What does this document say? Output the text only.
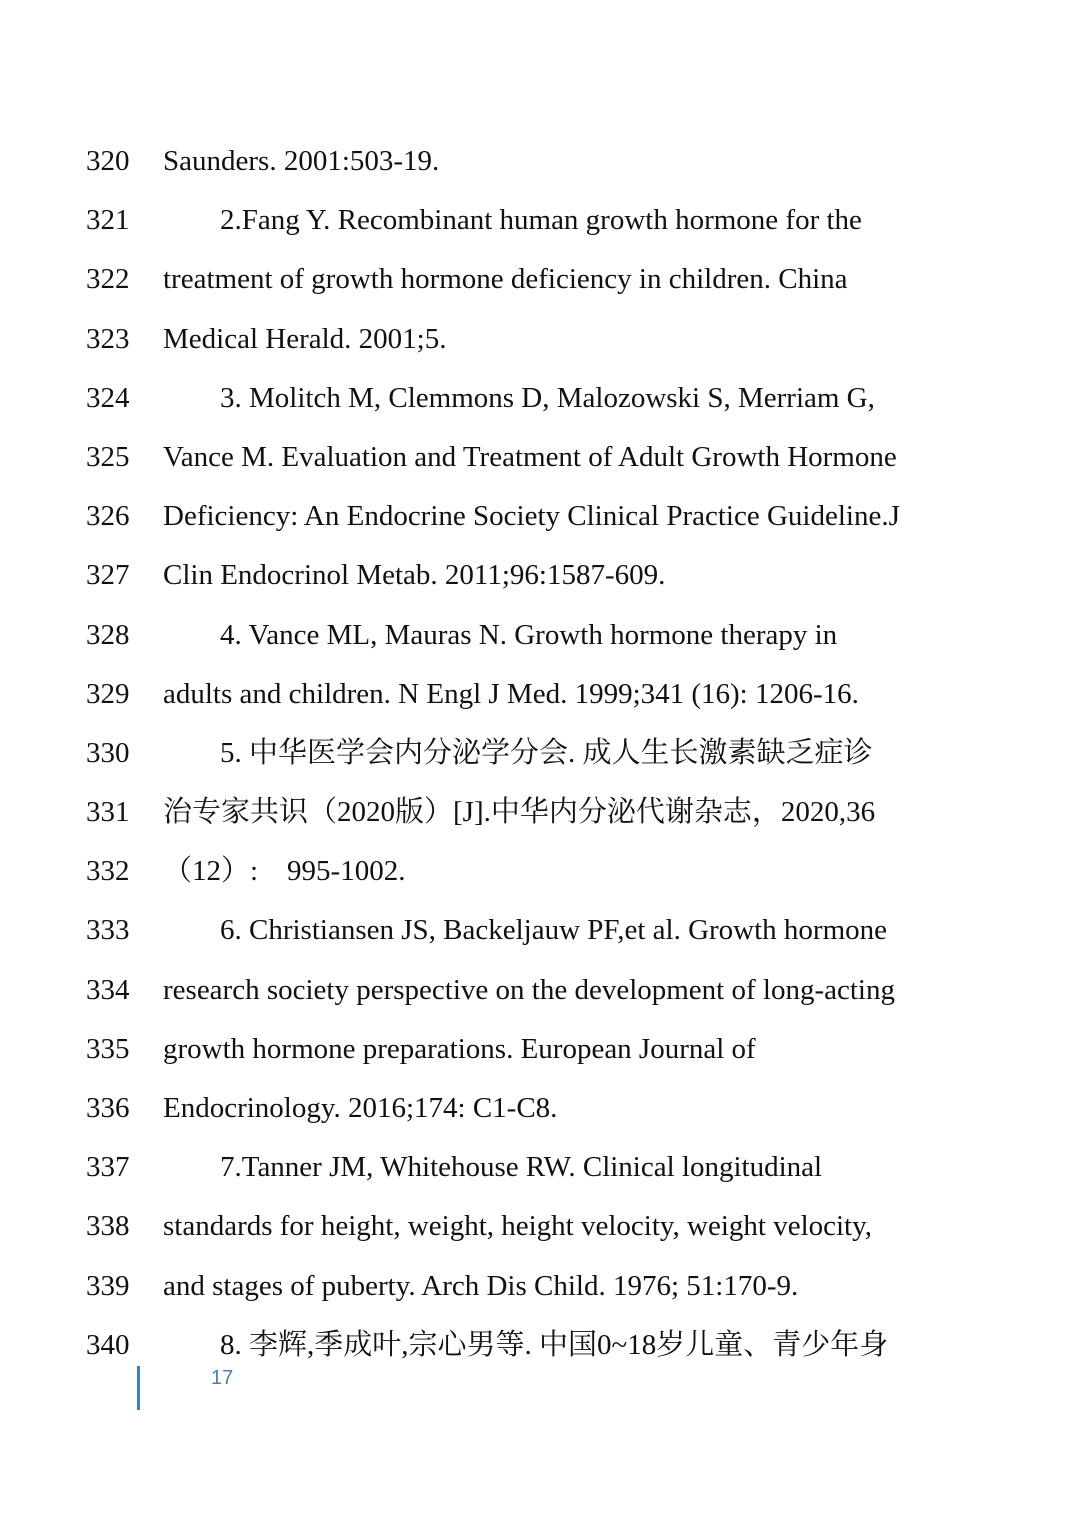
320	Saunders. 2001:503-19.
321	2.Fang Y. Recombinant human growth hormone for the
322	treatment of growth hormone deficiency in children. China
323	Medical Herald. 2001;5.
324	3. Molitch M, Clemmons D, Malozowski S, Merriam G,
325	Vance M. Evaluation and Treatment of Adult Growth Hormone
326	Deficiency: An Endocrine Society Clinical Practice Guideline.J
327	Clin Endocrinol Metab. 2011;96:1587-609.
328	4. Vance ML, Mauras N. Growth hormone therapy in
329	adults and children. N Engl J Med. 1999;341 (16): 1206-16.
330	5. 中华医学会内分泌学分会. 成人生长激素缺乏症诊
331	治专家共识（2020版）[J].中华内分泌代谢杂志，2020,36
332	（12）:　995-1002.
333	6. Christiansen JS, Backeljauw PF,et al. Growth hormone
334	research society perspective on the development of long-acting
335	growth hormone preparations. European Journal of
336	Endocrinology. 2016;174: C1-C8.
337	7.Tanner JM, Whitehouse RW. Clinical longitudinal
338	standards for height, weight, height velocity, weight velocity,
339	and stages of puberty. Arch Dis Child. 1976; 51:170-9.
340	8. 李辉,季成叶,宗心男等. 中国0~18岁儿童、青少年身
17
